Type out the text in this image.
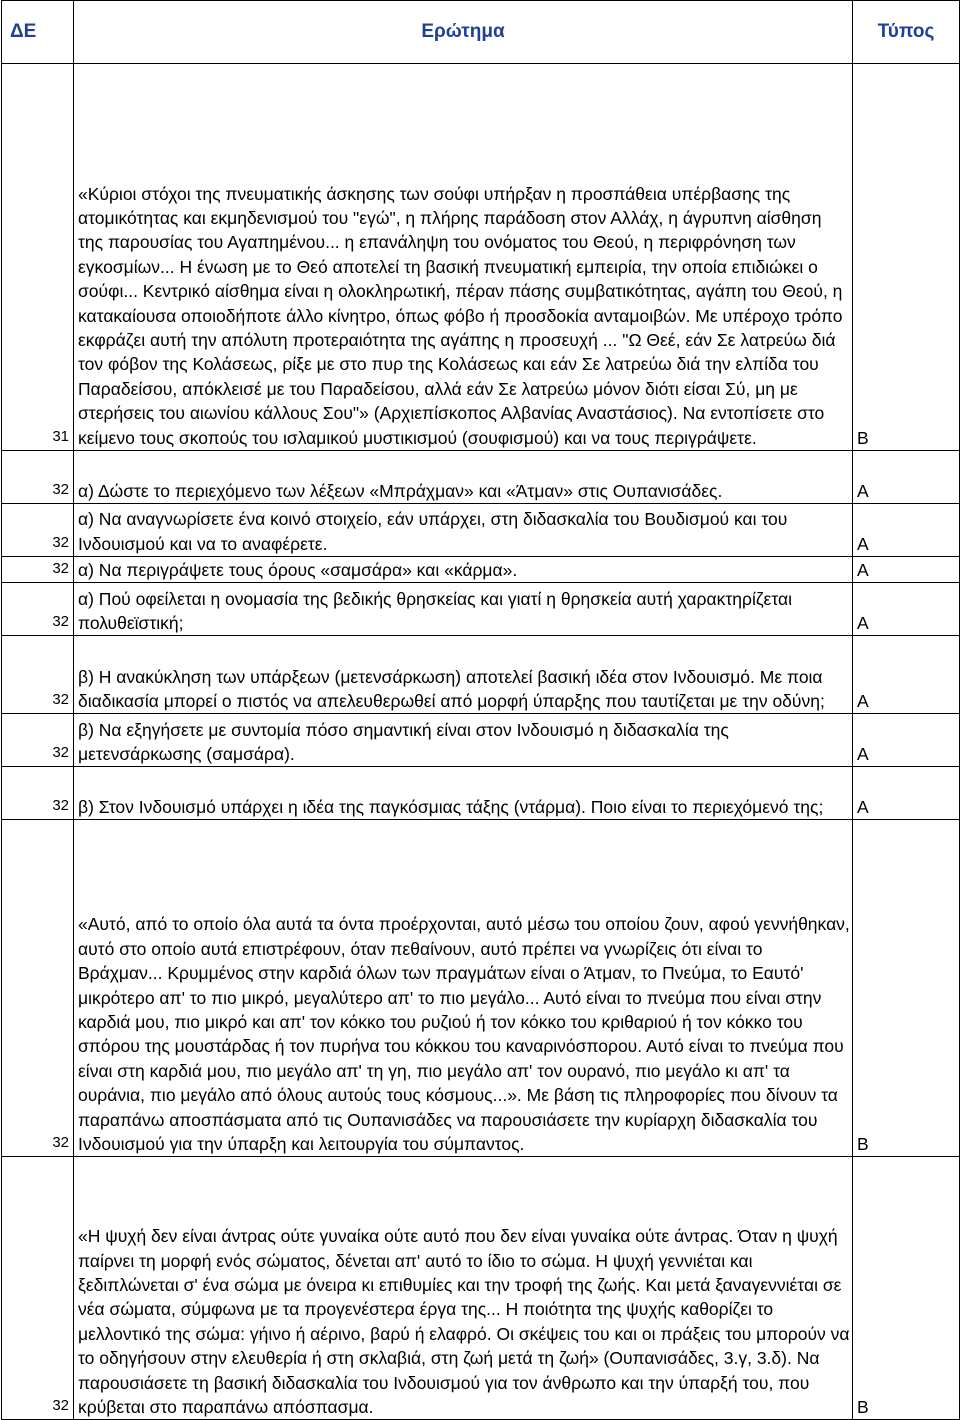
ΔΕ	Ερώτημα	Τύπος
31	«Κύριοι στόχοι της πνευματικής άσκησης των σούφι υπήρξαν η προσπάθεια υπέρβασης της ατομικότητας και εκμηδενισμού του "εγώ", η πλήρης παράδοση στον Αλλάχ, η άγρυπνη αίσθηση της παρουσίας του Αγαπημένου... η επανάληψη του ονόματος του Θεού, η περιφρόνηση των εγκοσμίων... Η ένωση με το Θεό αποτελεί τη βασική πνευματική εμπειρία, την οποία επιδιώκει ο σούφι... Κεντρικό αίσθημα είναι η ολοκληρωτική, πέραν πάσης συμβατικότητας, αγάπη του Θεού, η κατακαίουσα οποιοδήποτε άλλο κίνητρο, όπως φόβο ή προσδοκία ανταμοιβών. Με υπέροχο τρόπο εκφράζει αυτή την απόλυτη προτεραιότητα της αγάπης η προσευχή ... "Ω Θεέ, εάν Σε λατρεύω διά τον φόβον της Κολάσεως, ρίξε με στο πυρ της Κολάσεως και εάν Σε λατρεύω διά την ελπίδα του Παραδείσου, απόκλεισέ με του Παραδείσου, αλλά εάν Σε λατρεύω μόνον διότι είσαι Σύ, μη με στερήσεις του αιωνίου κάλλους Σου"» (Αρχιεπίσκοπος Αλβανίας Αναστάσιος). Να εντοπίσετε στο κείμενο τους σκοπούς του ισλαμικού μυστικισμού (σουφισμού) και να τους περιγράψετε.	Β
32	α) Δώστε το περιεχόμενο των λέξεων «Μπράχμαν» και «Άτμαν» στις Ουπανισάδες.	Α
32	α) Να αναγνωρίσετε ένα κοινό στοιχείο, εάν υπάρχει, στη διδασκαλία του Βουδισμού και του Ινδουισμού και να το αναφέρετε.	Α
32	α) Να περιγράψετε τους όρους «σαμσάρα» και «κάρμα».	Α
32	α) Πού οφείλεται η ονομασία της βεδικής θρησκείας και γιατί η θρησκεία αυτή χαρακτηρίζεται πολυθεϊστική;	Α
32	β) Η ανακύκληση των υπάρξεων (μετενσάρκωση) αποτελεί βασική ιδέα στον Ινδουισμό. Με ποια διαδικασία μπορεί ο πιστός να απελευθερωθεί από μορφή ύπαρξης που ταυτίζεται με την οδύνη;	Α
32	β) Να εξηγήσετε με συντομία πόσο σημαντική είναι στον Ινδουισμό η διδασκαλία της μετενσάρκωσης (σαμσάρα).	Α
32	β) Στον Ινδουισμό υπάρχει η ιδέα της παγκόσμιας τάξης (ντάρμα). Ποιο είναι το περιεχόμενό της;	Α
32	«Αυτό, από το οποίο όλα αυτά τα όντα προέρχονται, αυτό μέσω του οποίου ζουν, αφού γεννήθηκαν, αυτό στο οποίο αυτά επιστρέφουν, όταν πεθαίνουν, αυτό πρέπει να γνωρίζεις ότι είναι το Βράχμαν... Κρυμμένος στην καρδιά όλων των πραγμάτων είναι ο Άτμαν, το Πνεύμα, το Εαυτό' μικρότερο απ' το πιο μικρό, μεγαλύτερο απ' το πιο μεγάλο... Αυτό είναι το πνεύμα που είναι στην καρδιά μου, πιο μικρό και απ' τον κόκκο του ρυζιού ή τον κόκκο του κριθαριού ή τον κόκκο του σπόρου της μουστάρδας ή τον πυρήνα του κόκκου του καναρινόσπορου. Αυτό είναι το πνεύμα που είναι στη καρδιά μου, πιο μεγάλο απ' τη γη, πιο μεγάλο απ' τον ουρανό, πιο μεγάλο κι απ' τα ουράνια, πιο μεγάλο από όλους αυτούς τους κόσμους...». Με βάση τις πληροφορίες που δίνουν τα παραπάνω αποσπάσματα από τις Ουπανισάδες να παρουσιάσετε την κυρίαρχη διδασκαλία του Ινδουισμού για την ύπαρξη και λειτουργία του σύμπαντος.	Β
32	«Η ψυχή δεν είναι άντρας ούτε γυναίκα ούτε αυτό που δεν είναι γυναίκα ούτε άντρας. Όταν η ψυχή παίρνει τη μορφή ενός σώματος, δένεται απ' αυτό το ίδιο το σώμα. Η ψυχή γεννιέται και ξεδιπλώνεται σ' ένα σώμα με όνειρα κι επιθυμίες και την τροφή της ζωής. Και μετά ξαναγεννιέται σε νέα σώματα, σύμφωνα με τα προγενέστερα έργα της... Η ποιότητα της ψυχής καθορίζει το μελλοντικό της σώμα: γήινο ή αέρινο, βαρύ ή ελαφρό. Οι σκέψεις του και οι πράξεις του μπορούν να το οδηγήσουν στην ελευθερία ή στη σκλαβιά, στη ζωή μετά τη ζωή» (Ουπανισάδες, 3.γ, 3.δ). Να παρουσιάσετε τη βασική διδασκαλία του Ινδουισμού για τον άνθρωπο και την ύπαρξή του, που κρύβεται στο παραπάνω απόσπασμα.	Β
